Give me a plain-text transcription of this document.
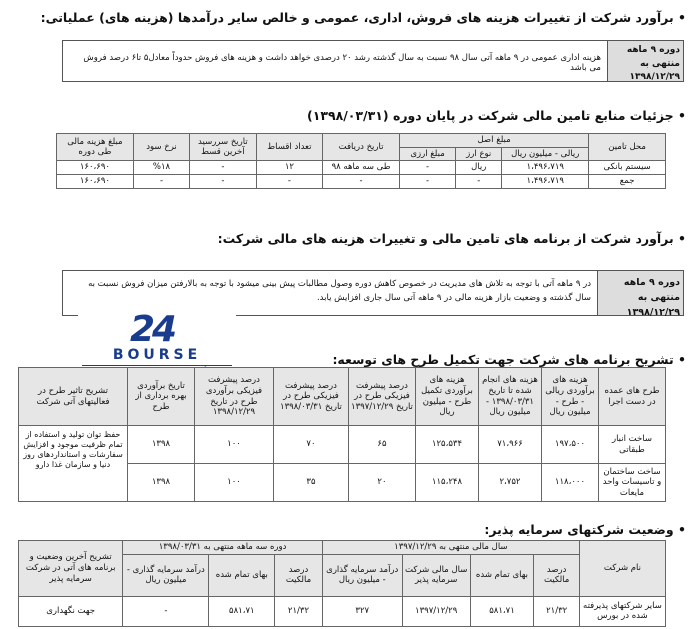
• برآورد شرکت از تغییرات هزینه های فروش، اداری، عمومی و خالص سایر درآمدها (هزینه های) عملیاتی:
دوره ۹ ماهه منتهی به ۱۳۹۸/۱۲/۲۹
هزینه اداری عمومی در ۹ ماهه آتی سال ۹۸ نسبت به سال گذشته رشد ۲۰ درصدی خواهد داشت و هزینه های فروش حدوداً معادل۵ تا۶ درصد فروش می باشد
• جزئیات منابع تامین مالی شرکت در پایان دوره (۱۳۹۸/۰۳/۳۱)
محل تامین	مبلغ اصل			تاریخ دریافت	تعداد اقساط	تاریخ سررسید آخرین قسط	نرخ سود	مبلغ هزینه مالی طی دوره
	ریالی - میلیون ریال	نوع ارز	مبلغ ارزی					
سیستم بانکی	۱،۴۹۶،۷۱۹	ریال	-	طی سه ماهه ۹۸	۱۲	-	%۱۸	۱۶۰،۶۹۰
جمع	۱،۴۹۶،۷۱۹	-	-	-	-	-	-	۱۶۰،۶۹۰
• برآورد شرکت از برنامه های تامین مالی و تغییرات هزینه های مالی شرکت:
دوره ۹ ماهه منتهی به ۱۳۹۸/۱۲/۲۹
در ۹ ماهه آتی با توجه به تلاش های مدیریت در خصوص کاهش دوره وصول مطالبات پیش بینی میشود با توجه به بالارفتن میزان فروش نسبت به سال گذشته و وضعیت بازار هزینه مالی در ۹ ماهه آتی سال جاری افزایش یابد.
24
BOURSE	• تشریح برنامه های شرکت جهت تکمیل طرح های توسعه:
طرح های عمده در دست اجرا	هزینه های برآوردی ریالی - طرح - میلیون ریال	هزینه های انجام شده تا تاریخ ۱۳۹۸/۰۳/۳۱ - میلیون ریال	هزینه های برآوردی تکمیل طرح - میلیون ریال	درصد پیشرفت فیزیکی طرح در تاریخ ۱۳۹۷/۱۲/۲۹	درصد پیشرفت فیزیکی طرح در تاریخ ۱۳۹۸/۰۳/۳۱	درصد پیشرفت فیزیکی برآوردی طرح در تاریخ ۱۳۹۸/۱۲/۲۹	تاریخ برآوردی بهره برداری از طرح	تشریح تاثیر طرح در فعالیتهای آتی شرکت
ساخت انبار طبقاتی	۱۹۷،۵۰۰	۷۱،۹۶۶	۱۲۵،۵۳۴	۶۵	۷۰	۱۰۰	۱۳۹۸	حفظ توان تولید و استفاده از تمام ظرفیت موجود و افزایش سفارشات و استانداردهای روز دنیا و سازمان غذا دارو
ساخت ساختمان و تاسیسات واحد مایعات	۱۱۸،۰۰۰	۲،۷۵۲	۱۱۵،۲۴۸	۲۰	۳۵	۱۰۰	۱۳۹۸	
• وضعیت شرکتهای سرمایه پذیر:
نام شرکت	سال مالی منتهی به ۱۳۹۷/۱۲/۲۹				دوره سه ماهه منتهی به ۱۳۹۸/۰۳/۳۱			تشریح آخرین وضعیت و برنامه های آتی در شرکت سرمایه پذیر
	درصد مالکیت	بهای تمام شده	سال مالی شرکت سرمایه پذیر	درآمد سرمایه گذاری - میلیون ریال	درصد مالکیت	بهای تمام شده	درآمد سرمایه گذاری - میلیون ریال	
سایر شرکتهای پذیرفته شده در بورس	۲۱/۳۲	۵۸۱،۷۱	۱۳۹۷/۱۲/۲۹	۳۲۷	۲۱/۳۲	۵۸۱،۷۱	-	جهت نگهداری
